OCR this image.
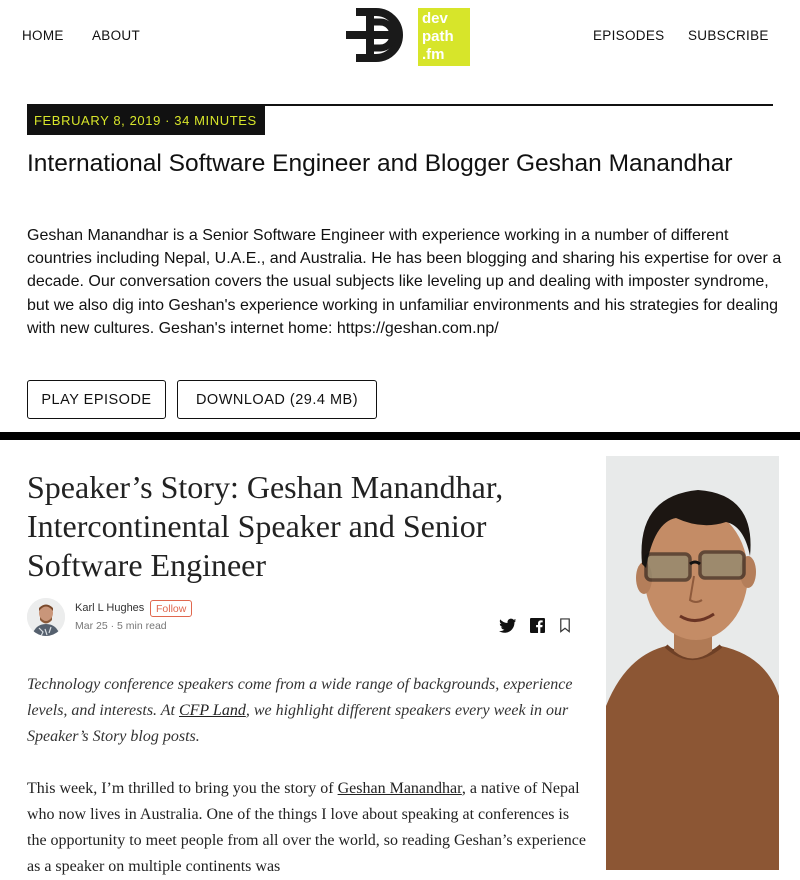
HOME ABOUT	EPISODES SUBSCRIBE
dev
path
.fm
FEBRUARY 8, 2019 · 34 MINUTES
International Software Engineer and Blogger Geshan Manandhar

Geshan Manandhar is a Senior Software Engineer with experience working in a number of different countries including Nepal, U.A.E., and Australia. He has been blogging and sharing his expertise for over a decade. Our conversation covers the usual subjects like leveling up and dealing with imposter syndrome, but we also dig into Geshan's experience working in unfamiliar environments and his strategies for dealing with new cultures. Geshan's internet home: https://geshan.com.np/

PLAY EPISODE	DOWNLOAD (29.4 MB)
Speaker’s Story: Geshan Manandhar, Intercontinental Speaker and Senior Software Engineer
Karl L Hughes	Follow
Mar 25 · 5 min read

Technology conference speakers come from a wide range of backgrounds, experience levels, and interests. At CFP Land, we highlight different speakers every week in our Speaker’s Story blog posts.

This week, I’m thrilled to bring you the story of Geshan Manandhar, a native of Nepal who now lives in Australia. One of the things I love about speaking at conferences is the opportunity to meet people from all over the world, so reading Geshan’s experience as a speaker on multiple continents was
